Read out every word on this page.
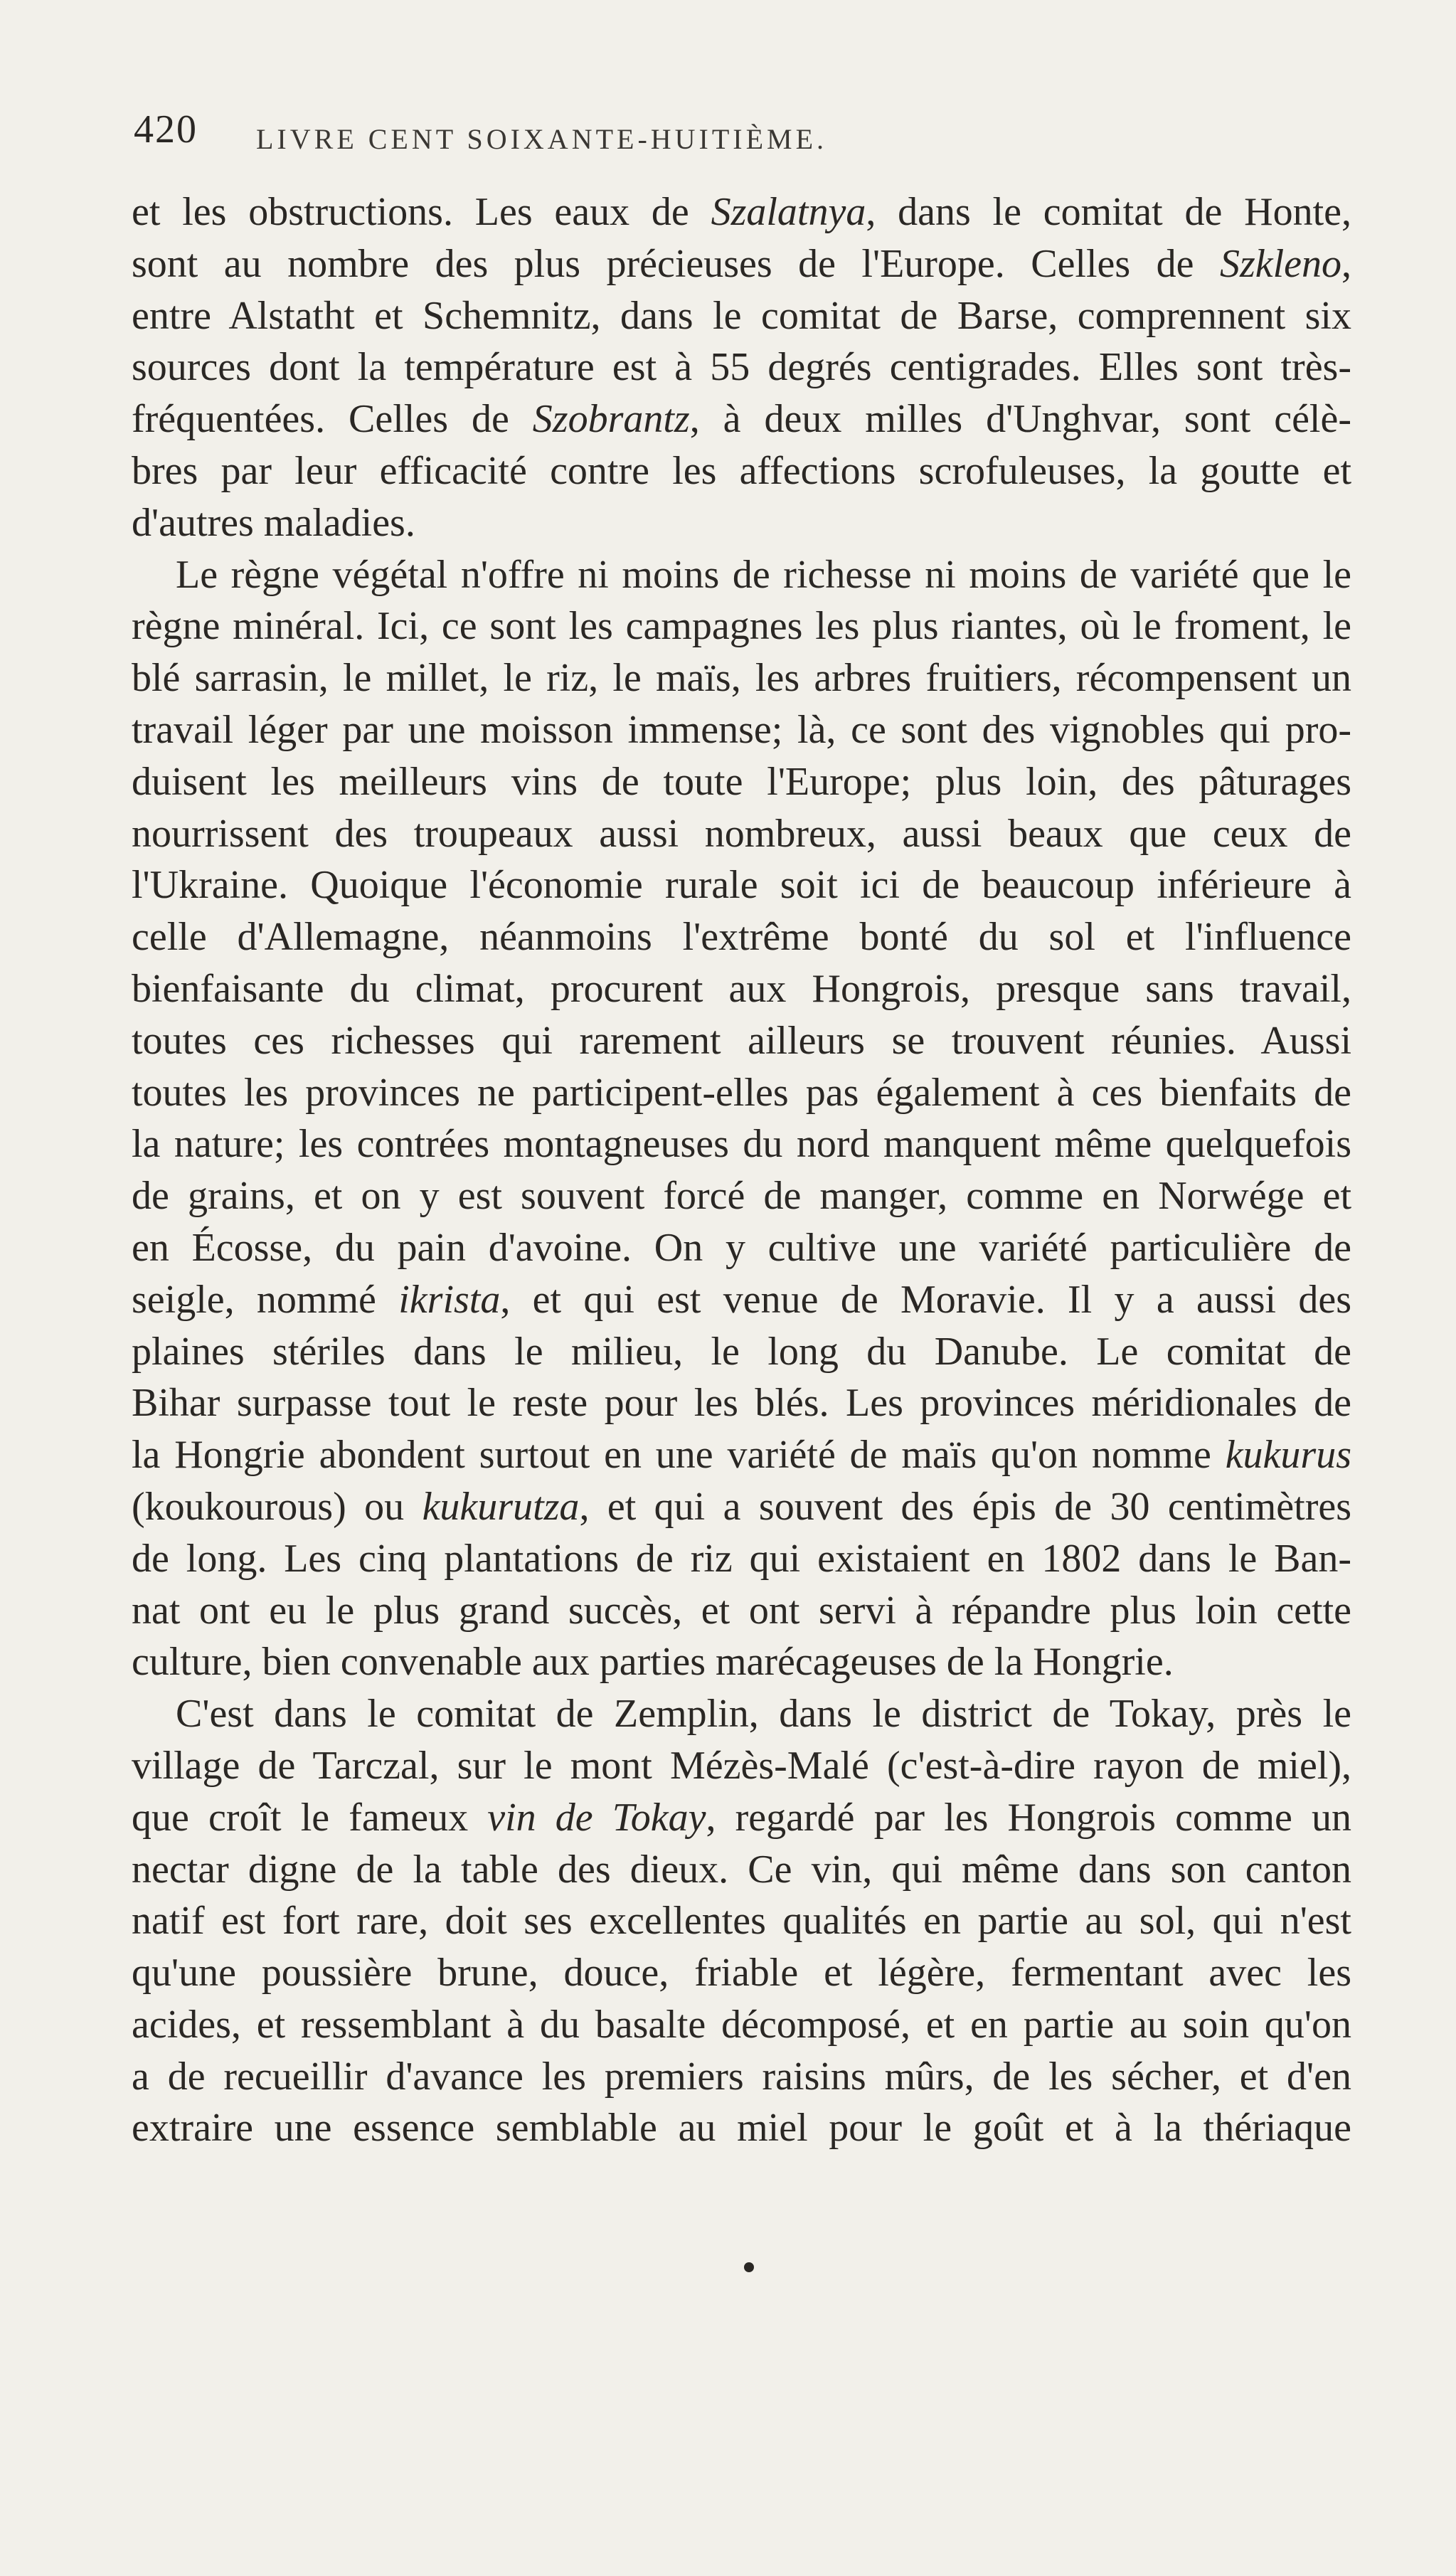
420 LIVRE CENT SOIXANTE-HUITIÈME.

et les obstructions. Les eaux de Szalatnya, dans le comitat de Honte,
sont au nombre des plus précieuses de l'Europe. Celles de Szkleno,
entre Alstatht et Schemnitz, dans le comitat de Barse, comprennent six
sources dont la température est à 55 degrés centigrades. Elles sont très-
fréquentées. Celles de Szobrantz, à deux milles d'Unghvar, sont célè-
bres par leur efficacité contre les affections scrofuleuses, la goutte et
d'autres maladies.

Le règne végétal n'offre ni moins de richesse ni moins de variété que le
règne minéral. Ici, ce sont les campagnes les plus riantes, où le froment, le
blé sarrasin, le millet, le riz, le maïs, les arbres fruitiers, récompensent un
travail léger par une moisson immense; là, ce sont des vignobles qui pro-
duisent les meilleurs vins de toute l'Europe; plus loin, des pâturages
nourrissent des troupeaux aussi nombreux, aussi beaux que ceux de
l'Ukraine. Quoique l'économie rurale soit ici de beaucoup inférieure à
celle d'Allemagne, néanmoins l'extrême bonté du sol et l'influence
bienfaisante du climat, procurent aux Hongrois, presque sans travail,
toutes ces richesses qui rarement ailleurs se trouvent réunies. Aussi
toutes les provinces ne participent-elles pas également à ces bienfaits de
la nature; les contrées montagneuses du nord manquent même quelquefois
de grains, et on y est souvent forcé de manger, comme en Norwége et
en Écosse, du pain d'avoine. On y cultive une variété particulière de
seigle, nommé ikrista, et qui est venue de Moravie. Il y a aussi des
plaines stériles dans le milieu, le long du Danube. Le comitat de
Bihar surpasse tout le reste pour les blés. Les provinces méridionales de
la Hongrie abondent surtout en une variété de maïs qu'on nomme kukurus
(koukourous) ou kukurutza, et qui a souvent des épis de 30 centimètres
de long. Les cinq plantations de riz qui existaient en 1802 dans le Ban-
nat ont eu le plus grand succès, et ont servi à répandre plus loin cette
culture, bien convenable aux parties marécageuses de la Hongrie.

C'est dans le comitat de Zemplin, dans le district de Tokay, près le
village de Tarczal, sur le mont Mézès-Malé (c'est-à-dire rayon de miel),
que croît le fameux vin de Tokay, regardé par les Hongrois comme un
nectar digne de la table des dieux. Ce vin, qui même dans son canton
natif est fort rare, doit ses excellentes qualités en partie au sol, qui n'est
qu'une poussière brune, douce, friable et légère, fermentant avec les
acides, et ressemblant à du basalte décomposé, et en partie au soin qu'on
a de recueillir d'avance les premiers raisins mûrs, de les sécher, et d'en
extraire une essence semblable au miel pour le goût et à la thériaque
